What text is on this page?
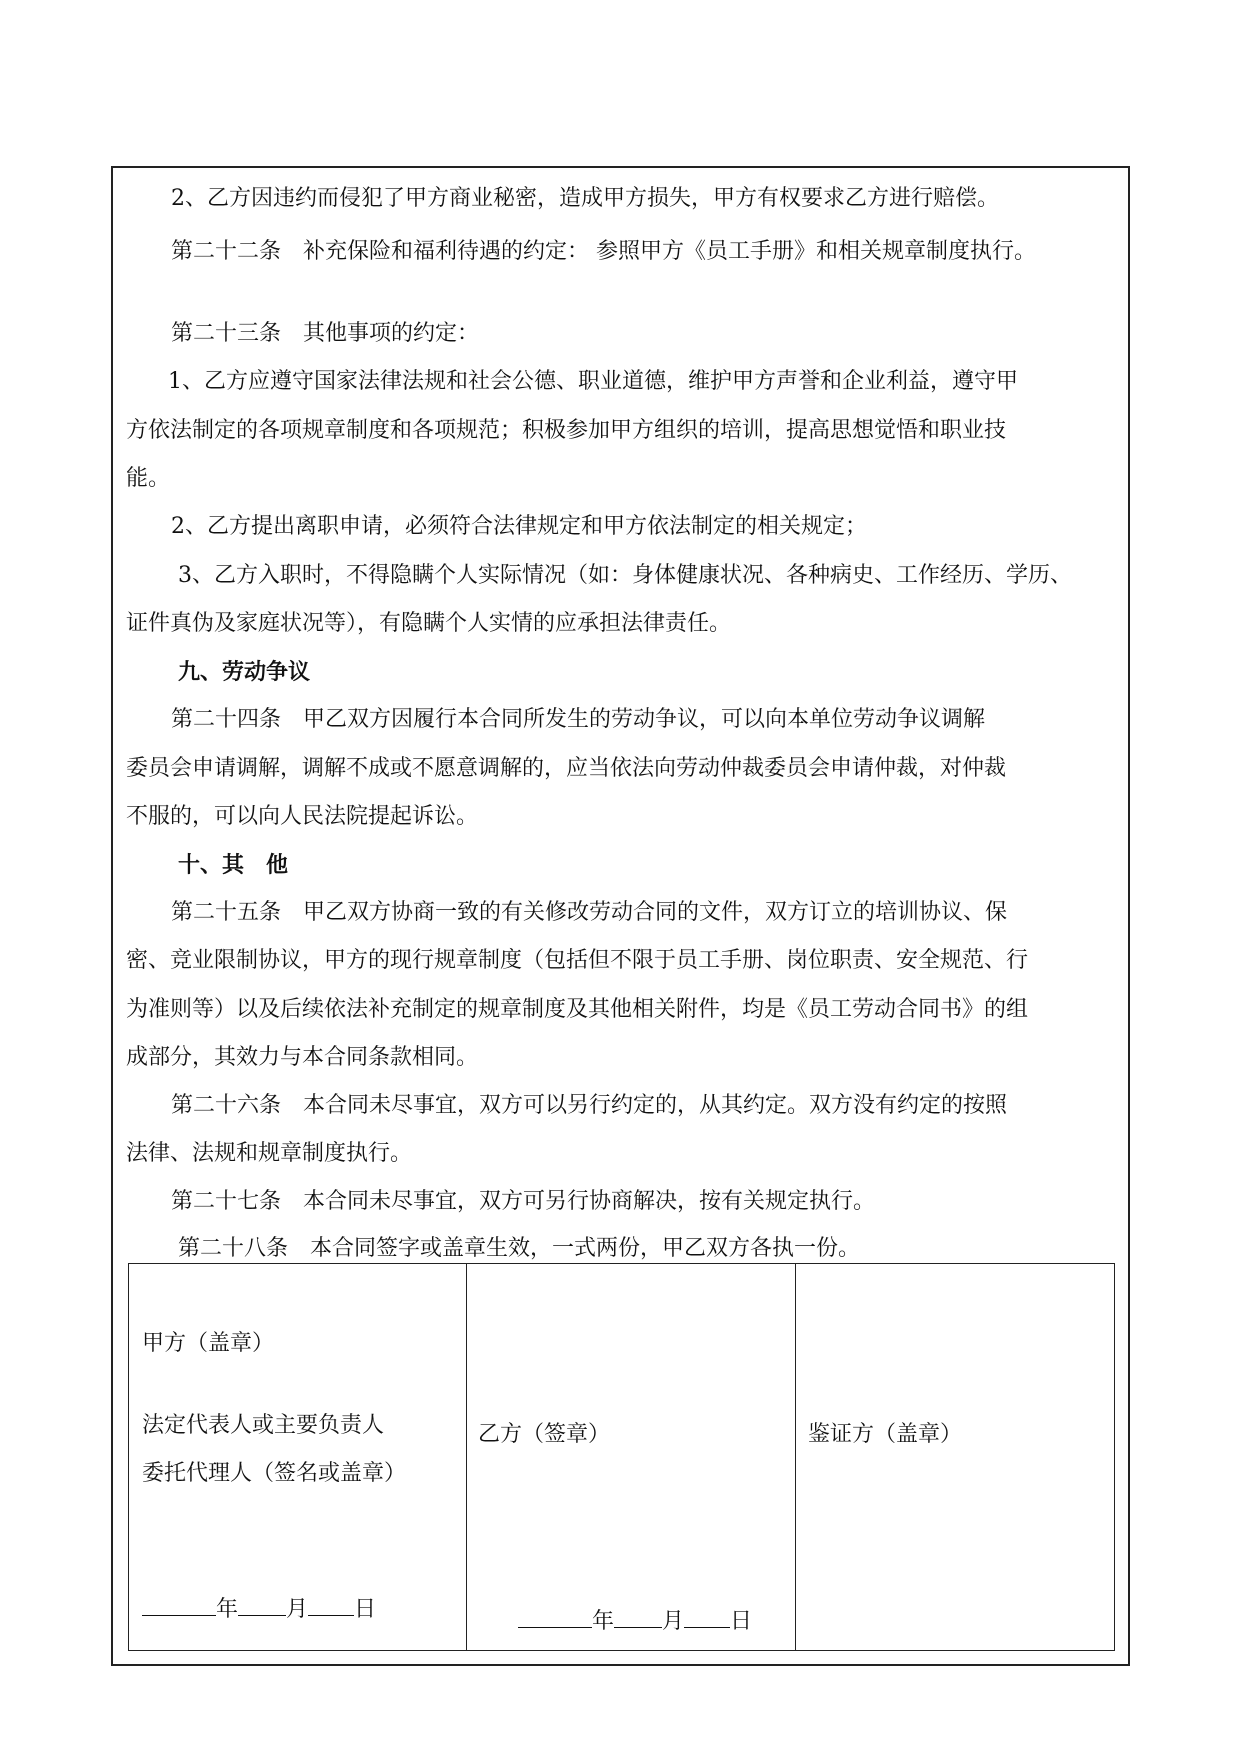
2、乙方因违约而侵犯了甲方商业秘密，造成甲方损失，甲方有权要求乙方进行赔偿。
第二十二条　补充保险和福利待遇的约定： 参照甲方《员工手册》和相关规章制度执行。
第二十三条　其他事项的约定：
1、乙方应遵守国家法律法规和社会公德、职业道德，维护甲方声誉和企业利益，遵守甲
方依法制定的各项规章制度和各项规范；积极参加甲方组织的培训，提高思想觉悟和职业技
能。
2、乙方提出离职申请，必须符合法律规定和甲方依法制定的相关规定；
3、乙方入职时，不得隐瞒个人实际情况（如：身体健康状况、各种病史、工作经历、学历、
证件真伪及家庭状况等），有隐瞒个人实情的应承担法律责任。
九、劳动争议
第二十四条　甲乙双方因履行本合同所发生的劳动争议，可以向本单位劳动争议调解
委员会申请调解，调解不成或不愿意调解的，应当依法向劳动仲裁委员会申请仲裁，对仲裁
不服的，可以向人民法院提起诉讼。
十、其　他
第二十五条　甲乙双方协商一致的有关修改劳动合同的文件，双方订立的培训协议、保
密、竞业限制协议，甲方的现行规章制度（包括但不限于员工手册、岗位职责、安全规范、行
为准则等）以及后续依法补充制定的规章制度及其他相关附件，均是《员工劳动合同书》的组
成部分，其效力与本合同条款相同。
第二十六条　本合同未尽事宜，双方可以另行约定的，从其约定。双方没有约定的按照
法律、法规和规章制度执行。
第二十七条　本合同未尽事宜，双方可另行协商解决，按有关规定执行。
第二十八条　本合同签字或盖章生效，一式两份，甲乙双方各执一份。
甲方（盖章）
法定代表人或主要负责人
委托代理人（签名或盖章）
年 月 日
乙方（签章）
年 月 日
鉴证方（盖章）
